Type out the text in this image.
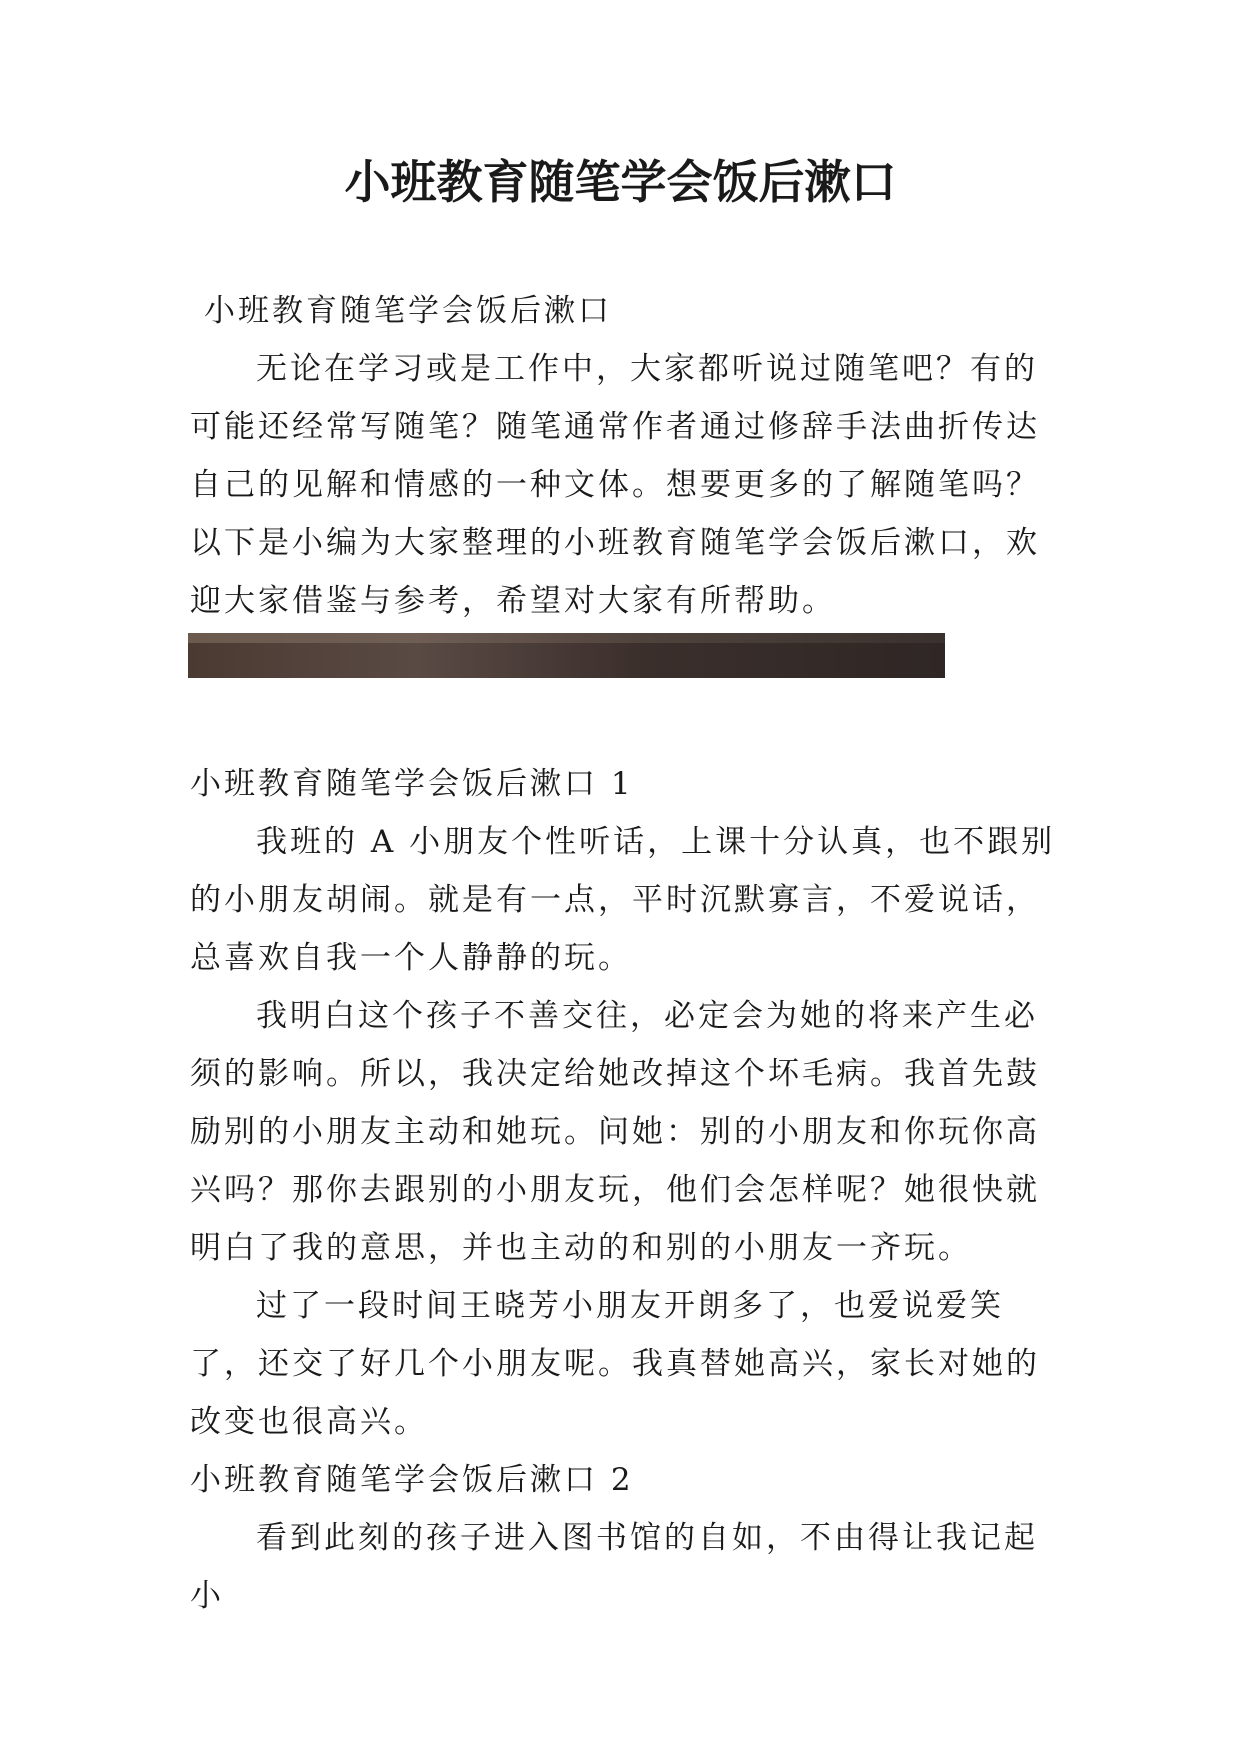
小班教育随笔学会饭后漱口

小班教育随笔学会饭后漱口

无论在学习或是工作中，大家都听说过随笔吧？有的可能还经常写随笔？随笔通常作者通过修辞手法曲折传达自己的见解和情感的一种文体。想要更多的了解随笔吗？以下是小编为大家整理的小班教育随笔学会饭后漱口，欢迎大家借鉴与参考，希望对大家有所帮助。

小班教育随笔学会饭后漱口 1

我班的 A 小朋友个性听话，上课十分认真，也不跟别的小朋友胡闹。就是有一点，平时沉默寡言，不爱说话，总喜欢自我一个人静静的玩。

我明白这个孩子不善交往，必定会为她的将来产生必须的影响。所以，我决定给她改掉这个坏毛病。我首先鼓励别的小朋友主动和她玩。问她：别的小朋友和你玩你高兴吗？那你去跟别的小朋友玩，他们会怎样呢？她很快就明白了我的意思，并也主动的和别的小朋友一齐玩。

过了一段时间王晓芳小朋友开朗多了，也爱说爱笑了，还交了好几个小朋友呢。我真替她高兴，家长对她的改变也很高兴。

小班教育随笔学会饭后漱口 2

看到此刻的孩子进入图书馆的自如，不由得让我记起小
